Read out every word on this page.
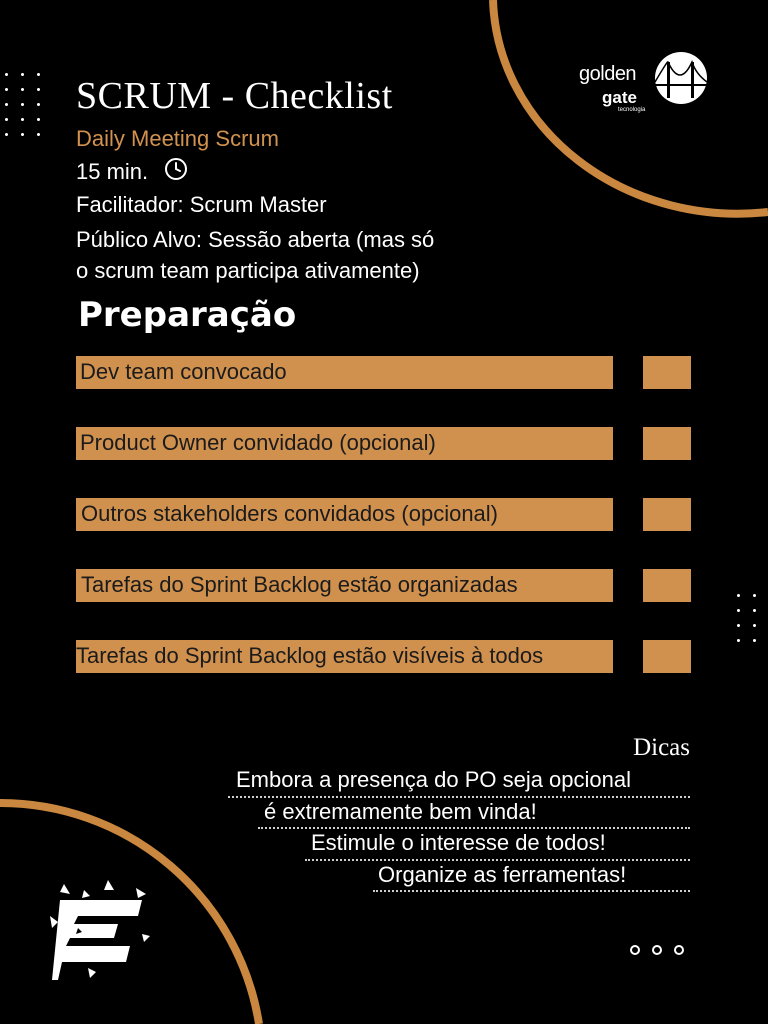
golden
gate
tecnologia
SCRUM - Checklist
Daily Meeting Scrum
15 min.
Facilitador: Scrum Master
Público Alvo: Sessão aberta (mas só
o scrum team participa ativamente)
Preparação
Dev team convocado
Product Owner convidado (opcional)
Outros stakeholders convidados (opcional)
Tarefas do Sprint Backlog estão organizadas
Tarefas do Sprint Backlog estão visíveis à todos
Dicas
Embora a presença do PO seja opcional
é extremamente bem vinda!
Estimule o interesse de todos!
Organize as ferramentas!
